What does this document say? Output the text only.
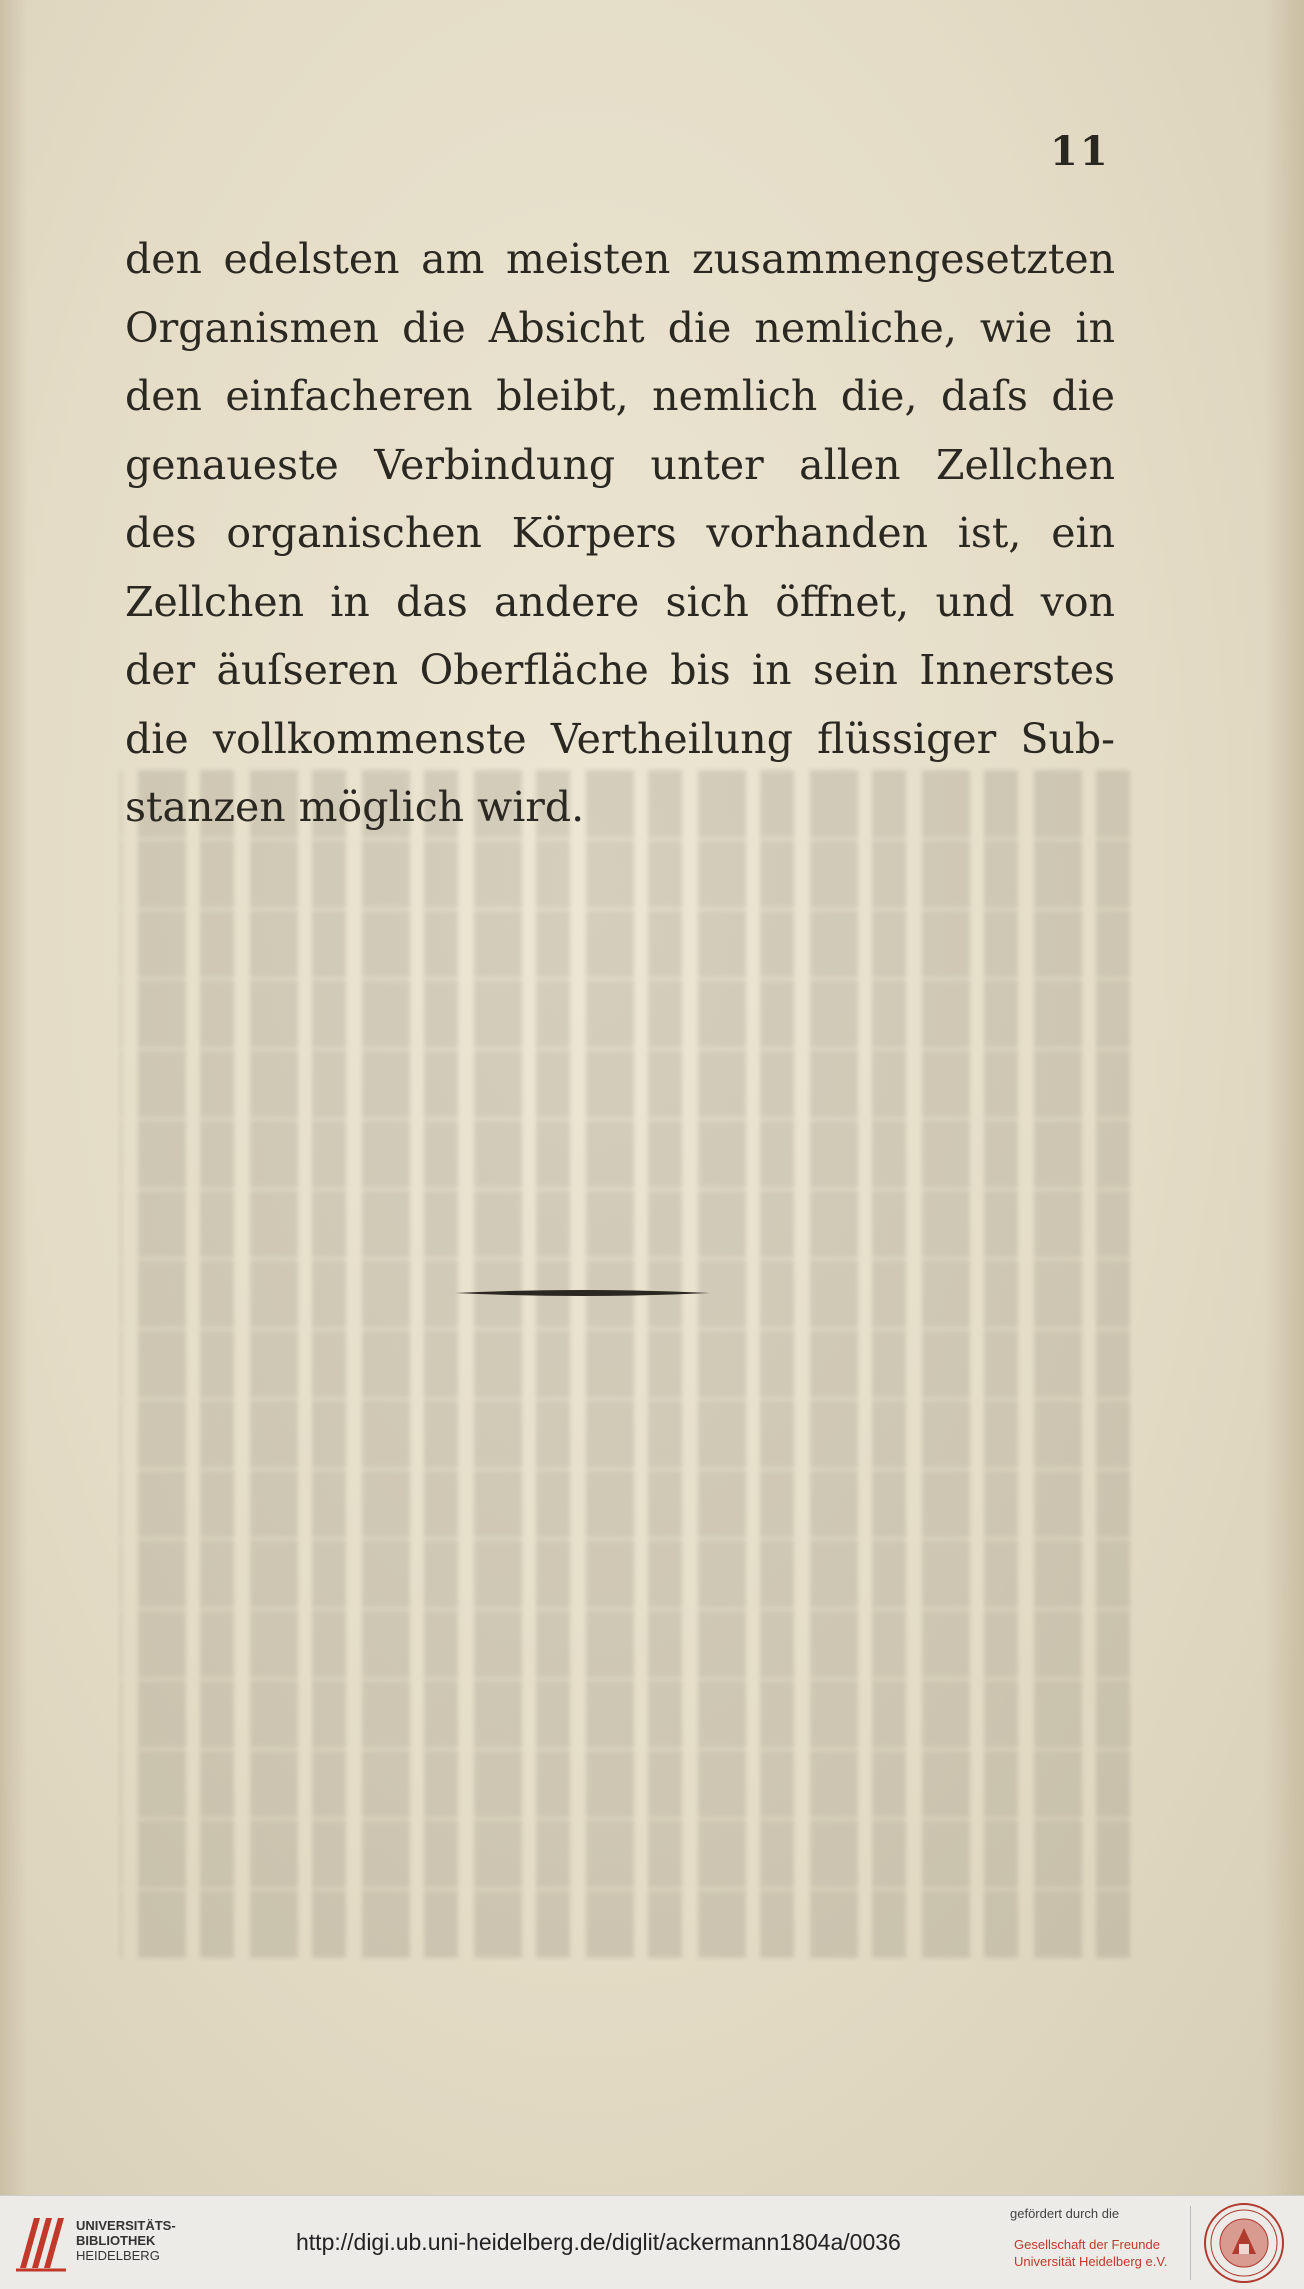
11
den edelsten am meisten zusammengesetzten
Organismen die Absicht die nemliche, wie in
den einfacheren bleibt, nemlich die, daſs die
genaueste Verbindung unter allen Zellchen
des organischen Körpers vorhanden ist, ein
Zellchen in das andere sich öffnet, und von
der äuſseren Oberfläche bis in sein Innerstes
die vollkommenste Vertheilung flüssiger Sub-
stanzen möglich wird.
UNIVERSITÄTS-
BIBLIOTHEK
HEIDELBERG
http://digi.ub.uni-heidelberg.de/diglit/ackermann1804a/0036
gefördert durch die
Gesellschaft der Freunde
Universität Heidelberg e.V.
